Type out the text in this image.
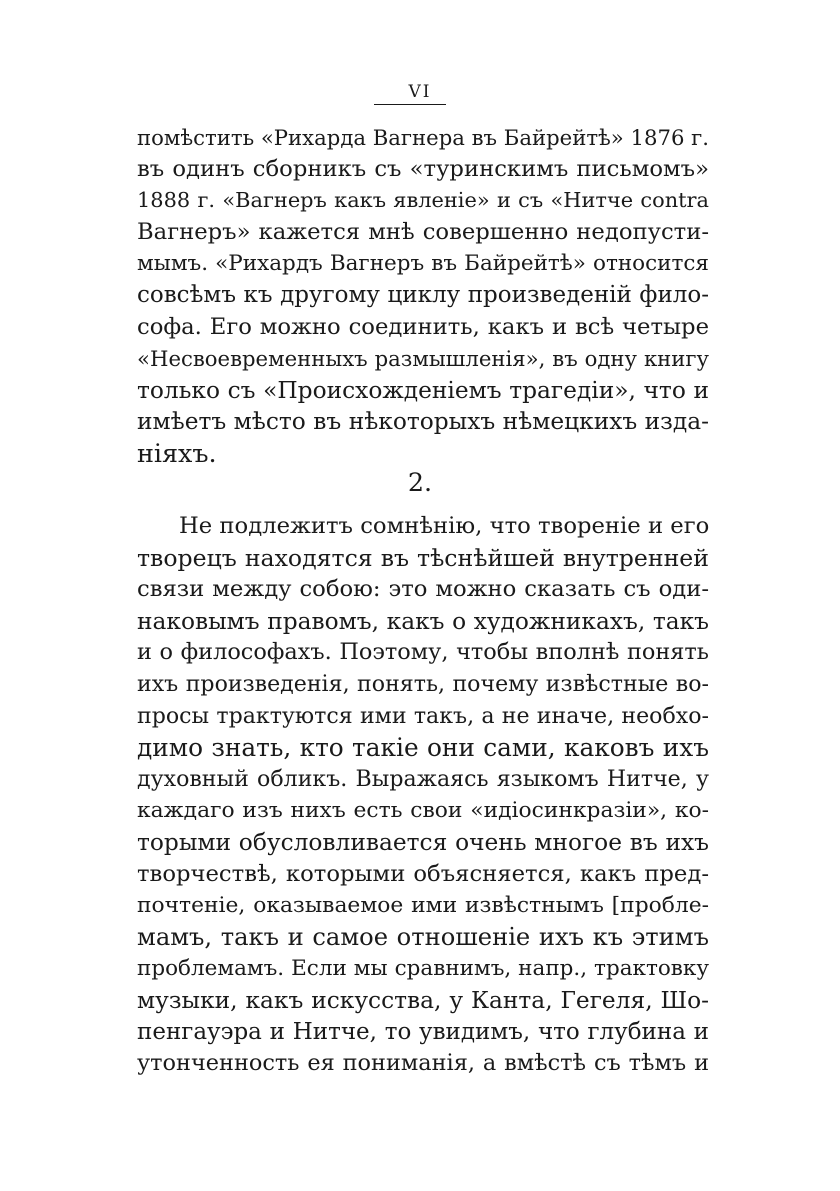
VI
помѣстить «Рихарда Вагнера въ Байрейтѣ» 1876 г.
въ одинъ сборникъ съ «туринскимъ письмомъ»
1888 г. «Вагнеръ какъ явленіе» и съ «Нитче contra
Вагнеръ» кажется мнѣ совершенно недопусти-
мымъ. «Рихардъ Вагнеръ въ Байрейтѣ» относится
совсѣмъ къ другому циклу произведеній фило-
софа. Его можно соединить, какъ и всѣ четыре
«Несвоевременныхъ размышленія», въ одну книгу
только съ «Происхожденіемъ трагедіи», что и
имѣетъ мѣсто въ нѣкоторыхъ нѣмецкихъ изда-
ніяхъ.
2.
Не подлежитъ сомнѣнію, что твореніе и его
творецъ находятся въ тѣснѣйшей внутренней
связи между собою: это можно сказать съ оди-
наковымъ правомъ, какъ о художникахъ, такъ
и о философахъ. Поэтому, чтобы вполнѣ понять
ихъ произведенія, понять, почему извѣстные во-
просы трактуются ими такъ, а не иначе, необхо-
димо знать, кто такіе они сами, каковъ ихъ
духовный обликъ. Выражаясь языкомъ Нитче, у
каждаго изъ нихъ есть свои «идіосинкразіи», ко-
торыми обусловливается очень многое въ ихъ
творчествѣ, которыми объясняется, какъ пред-
почтеніе, оказываемое ими извѣстнымъ [пробле-
мамъ, такъ и самое отношеніе ихъ къ этимъ
проблемамъ. Если мы сравнимъ, напр., трактовку
музыки, какъ искусства, у Канта, Гегеля, Шо-
пенгауэра и Нитче, то увидимъ, что глубина и
утонченность ея пониманія, а вмѣстѣ съ тѣмъ и
